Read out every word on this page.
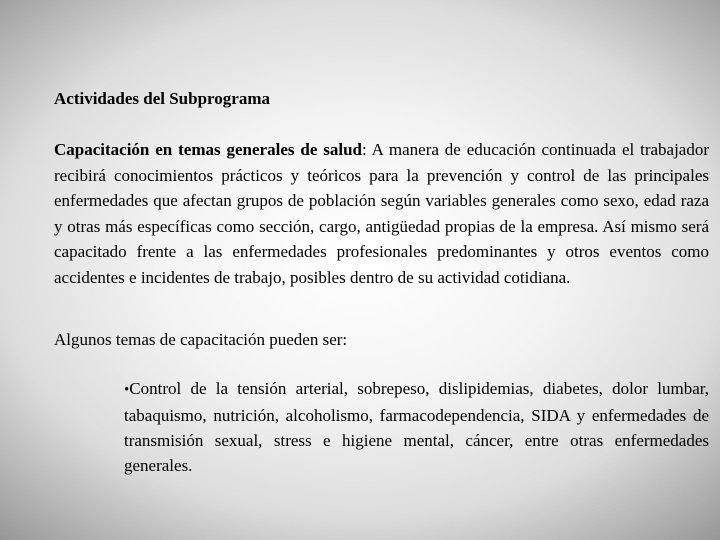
Actividades del Subprograma

Capacitación en temas generales de salud: A manera de educación continuada el trabajador recibirá conocimientos prácticos y teóricos para la prevención y control de las principales enfermedades que afectan grupos de población según variables generales como sexo, edad raza y otras más específicas como sección, cargo, antigüedad propias de la empresa. Así mismo será capacitado frente a las enfermedades profesionales predominantes y otros eventos como accidentes e incidentes de trabajo, posibles dentro de su actividad cotidiana.

Algunos temas de capacitación pueden ser:

•Control de la tensión arterial, sobrepeso, dislipidemias, diabetes, dolor lumbar, tabaquismo, nutrición, alcoholismo, farmacodependencia, SIDA y enfermedades de transmisión sexual, stress e higiene mental, cáncer, entre otras enfermedades generales.
